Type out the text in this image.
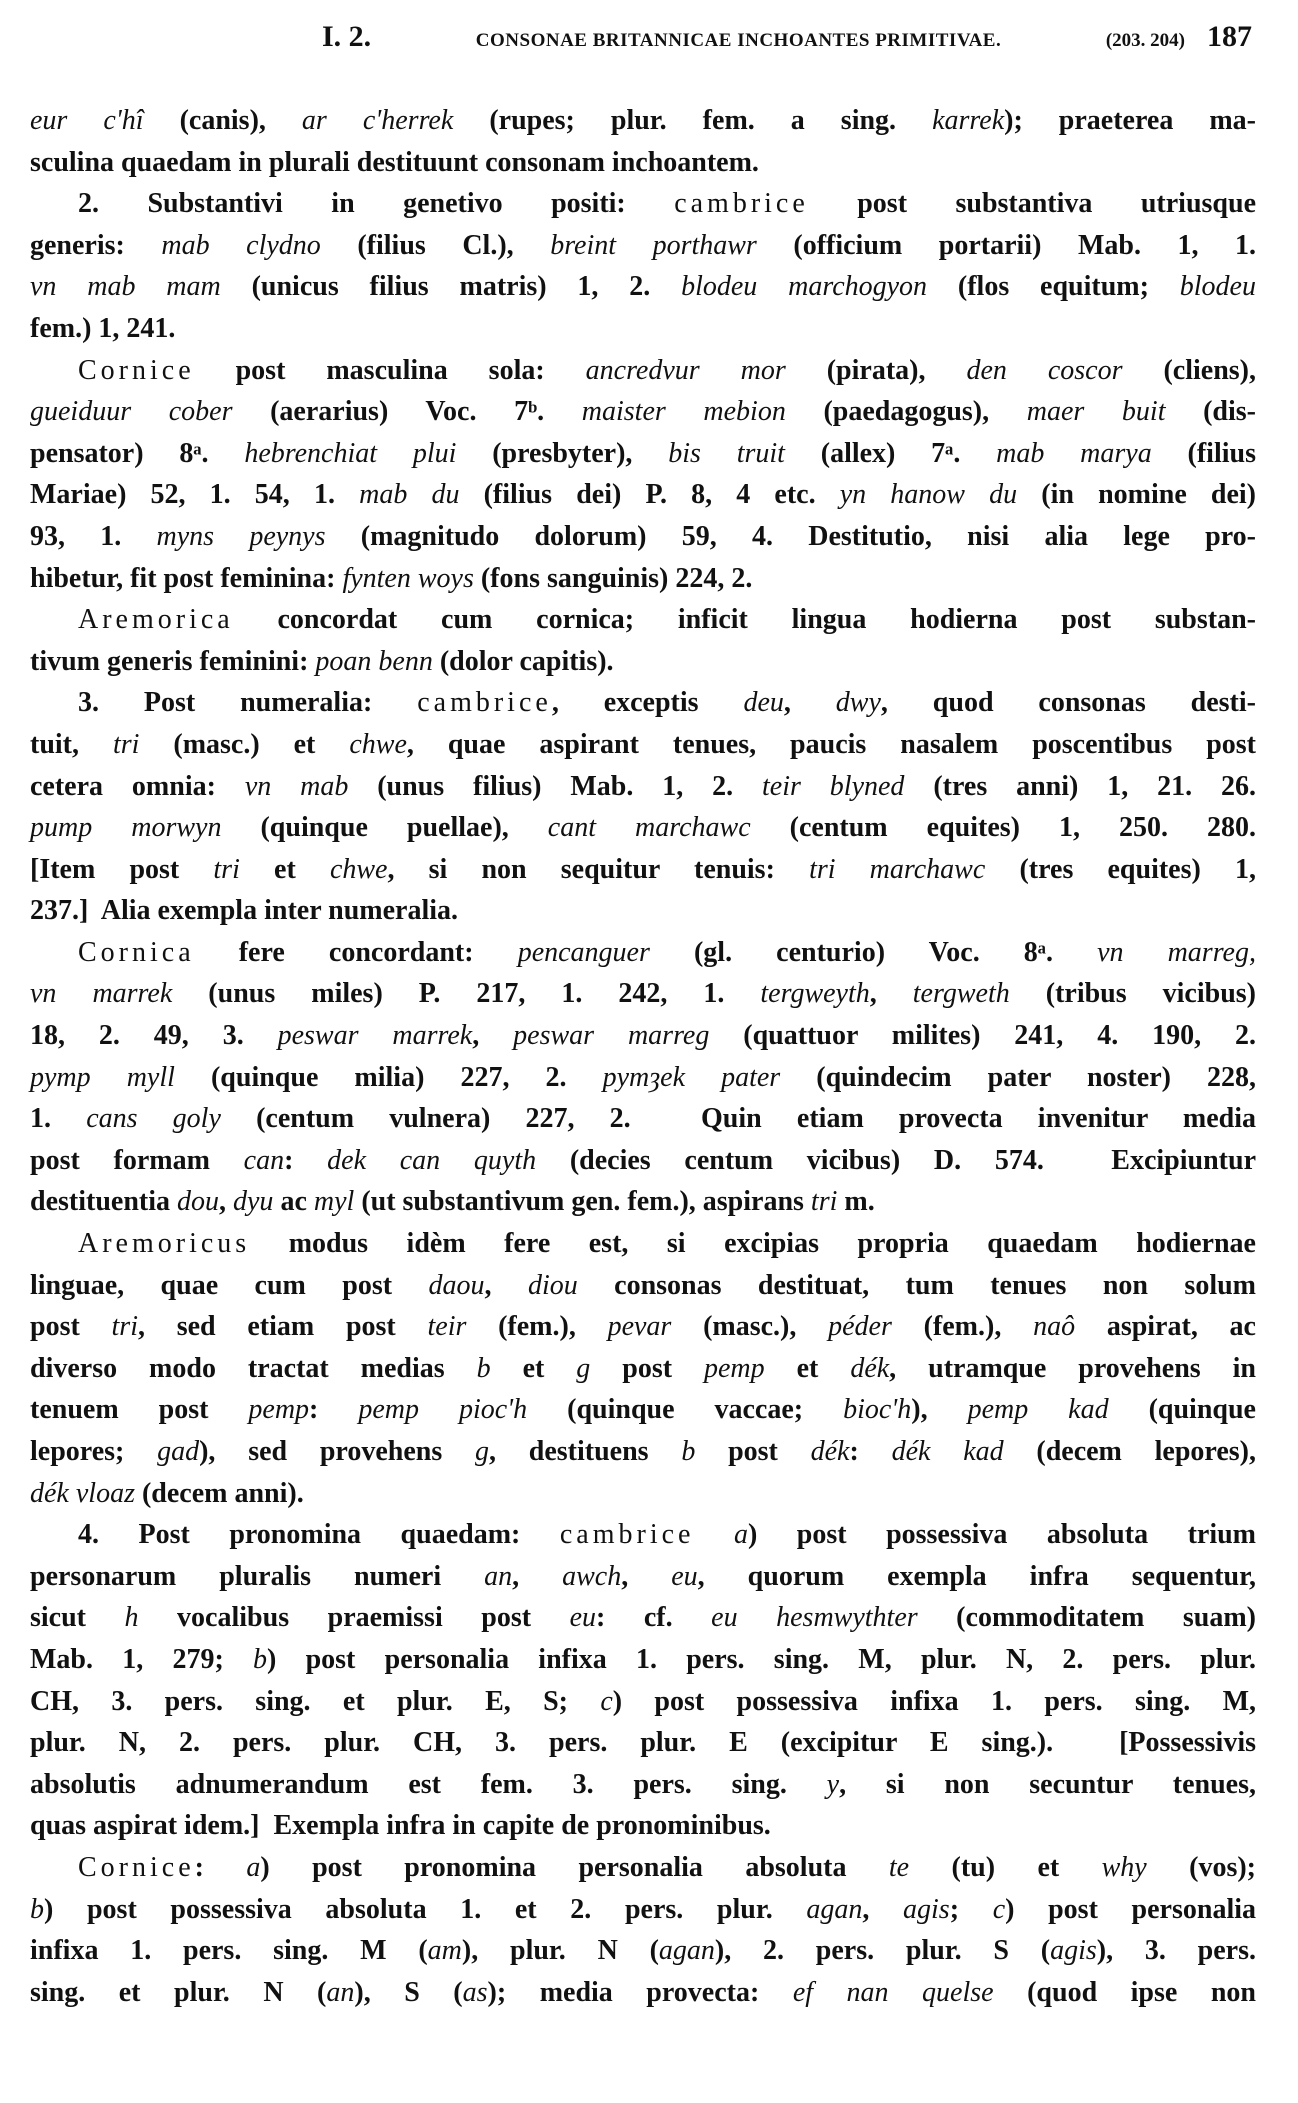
I. 2.	CONSONAE BRITANNICAE INCHOANTES PRIMITIVAE.	(203. 204) 187
eur c'hî (canis), ar c'herrek (rupes; plur. fem. a sing. karrek); praeterea ma-
sculina quaedam in plurali destituunt consonam inchoantem.
2. Substantivi in genetivo positi: cambrice post substantiva utriusque
generis: mab clydno (filius Cl.), breint porthawr (officium portarii) Mab. 1, 1.
vn mab mam (unicus filius matris) 1, 2. blodeu marchogyon (flos equitum; blodeu
fem.) 1, 241.
Cornice post masculina sola: ancredvur mor (pirata), den coscor (cliens),
gueiduur cober (aerarius) Voc. 7ᵇ. maister mebion (paedagogus), maer buit (dis-
pensator) 8ᵃ. hebrenchiat plui (presbyter), bis truit (allex) 7ᵃ. mab marya (filius
Mariae) 52, 1. 54, 1. mab du (filius dei) P. 8, 4 etc. yn hanow du (in nomine dei)
93, 1. myns peynys (magnitudo dolorum) 59, 4. Destitutio, nisi alia lege pro-
hibetur, fit post feminina: fynten woys (fons sanguinis) 224, 2.
Aremorica concordat cum cornica; inficit lingua hodierna post substan-
tivum generis feminini: poan benn (dolor capitis).
3. Post numeralia: cambrice, exceptis deu, dwy, quod consonas desti-
tuit, tri (masc.) et chwe, quae aspirant tenues, paucis nasalem poscentibus post
cetera omnia: vn mab (unus filius) Mab. 1, 2. teir blyned (tres anni) 1, 21. 26.
pump morwyn (quinque puellae), cant marchawc (centum equites) 1, 250. 280.
[Item post tri et chwe, si non sequitur tenuis: tri marchawc (tres equites) 1,
237.]  Alia exempla inter numeralia.
Cornica fere concordant: pencanguer (gl. centurio) Voc. 8ᵃ. vn marreg,
vn marrek (unus miles) P. 217, 1. 242, 1. tergweyth, tergweth (tribus vicibus)
18, 2. 49, 3. peswar marrek, peswar marreg (quattuor milites) 241, 4. 190, 2.
pymp myll (quinque milia) 227, 2. pymȝek pater (quindecim pater noster) 228,
1. cans goly (centum vulnera) 227, 2.  Quin etiam provecta invenitur media
post formam can: dek can quyth (decies centum vicibus) D. 574.  Excipiuntur
destituentia dou, dyu ac myl (ut substantivum gen. fem.), aspirans tri m.
Aremoricus modus idèm fere est, si excipias propria quaedam hodiernae
linguae, quae cum post daou, diou consonas destituat, tum tenues non solum
post tri, sed etiam post teir (fem.), pevar (masc.), péder (fem.), naô aspirat, ac
diverso modo tractat medias b et g post pemp et dék, utramque provehens in
tenuem post pemp: pemp pioc'h (quinque vaccae; bioc'h), pemp kad (quinque
lepores; gad), sed provehens g, destituens b post dék: dék kad (decem lepores),
dék vloaz (decem anni).
4. Post pronomina quaedam: cambrice a) post possessiva absoluta trium
personarum pluralis numeri an, awch, eu, quorum exempla infra sequentur,
sicut h vocalibus praemissi post eu: cf. eu hesmwythter (commoditatem suam)
Mab. 1, 279; b) post personalia infixa 1. pers. sing. M, plur. N, 2. pers. plur.
CH, 3. pers. sing. et plur. E, S; c) post possessiva infixa 1. pers. sing. M,
plur. N, 2. pers. plur. CH, 3. pers. plur. E (excipitur E sing.).  [Possessivis
absolutis adnumerandum est fem. 3. pers. sing. y, si non secuntur tenues,
quas aspirat idem.]  Exempla infra in capite de pronominibus.
Cornice: a) post pronomina personalia absoluta te (tu) et why (vos);
b) post possessiva absoluta 1. et 2. pers. plur. agan, agis; c) post personalia
infixa 1. pers. sing. M (am), plur. N (agan), 2. pers. plur. S (agis), 3. pers.
sing. et plur. N (an), S (as); media provecta: ef nan quelse (quod ipse non
